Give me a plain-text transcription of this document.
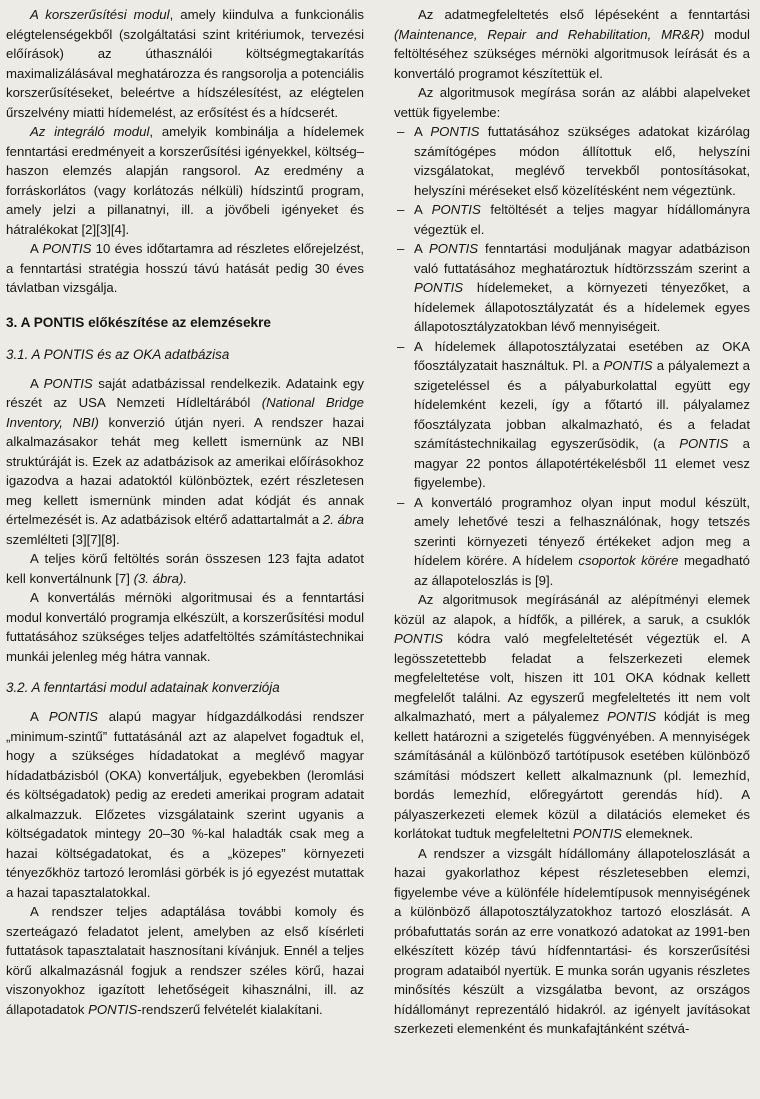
A korszerűsítési modul, amely kiindulva a funkcionális elégtelenségekből (szolgáltatási szint kritériumok, tervezési előírások) az úthasználói költségmegtakarítás maximalizálásával meghatározza és rangsorolja a potenciális korszerűsítéseket, beleértve a hídszélesítést, az elégtelen űrszelvény miatti hídemelést, az erősítést és a hídcserét.

Az integráló modul, amelyik kombinálja a hídelemek fenntartási eredményeit a korszerűsítési igényekkel, költség–haszon elemzés alapján rangsorol. Az eredmény a forráskorlátos (vagy korlátozás nélküli) hídszintű program, amely jelzi a pillanatnyi, ill. a jövőbeli igényeket és hátralékokat [2][3][4].

A PONTIS 10 éves időtartamra ad részletes előrejelzést, a fenntartási stratégia hosszú távú hatását pedig 30 éves távlatban vizsgálja.

3. A PONTIS előkészítése az elemzésekre
3.1. A PONTIS és az OKA adatbázisa

A PONTIS saját adatbázissal rendelkezik. Adataink egy részét az USA Nemzeti Hídleltárából (National Bridge Inventory, NBI) konverzió útján nyeri. A rendszer hazai alkalmazásakor tehát meg kellett ismernünk az NBI struktúráját is. Ezek az adatbázisok az amerikai előírásokhoz igazodva a hazai adatoktól különböztek, ezért részletesen meg kellett ismernünk minden adat kódját és annak értelmezését is. Az adatbázisok eltérő adattartalmát a 2. ábra szemlélteti [3][7][8].

A teljes körű feltöltés során összesen 123 fajta adatot kell konvertálnunk [7] (3. ábra).

A konvertálás mérnöki algoritmusai és a fenntartási modul konvertáló programja elkészült, a korszerűsítési modul futtatásához szükséges teljes adatfeltöltés számítástechnikai munkái jelenleg még hátra vannak.

3.2. A fenntartási modul adatainak konverziója

A PONTIS alapú magyar hídgazdálkodási rendszer „minimum-szintű” futtatásánál azt az alapelvet fogadtuk el, hogy a szükséges hídadatokat a meglévő magyar hídadatbázisból (OKA) konvertáljuk, egyebekben (leromlási és költségadatok) pedig az eredeti amerikai program adatait alkalmazzuk. Előzetes vizsgálataink szerint ugyanis a költségadatok mintegy 20–30 %-kal haladták csak meg a hazai költségadatokat, és a „közepes” környezeti tényezőkhöz tartozó leromlási görbék is jó egyezést mutattak a hazai tapasztalatokkal.

A rendszer teljes adaptálása további komoly és szerteágazó feladatot jelent, amelyben az első kísérleti futtatások tapasztalatait hasznosítani kívánjuk. Ennél a teljes körű alkalmazásnál fogjuk a rendszer széles körű, hazai viszonyokhoz igazított lehetőségeit kihasználni, ill. az állapotadatok PONTIS-rendszerű felvételét kialakítani.

Az adatmegfeleltetés első lépéseként a fenntartási (Maintenance, Repair and Rehabilitation, MR&R) modul feltöltéséhez szükséges mérnöki algoritmusok leírását és a konvertáló programot készítettük el.

Az algoritmusok megírása során az alábbi alapelveket vettük figyelembe:

– A PONTIS futtatásához szükséges adatokat kizárólag számítógépes módon állítottuk elő, helyszíni vizsgálatokat, meglévő tervekből pontosításokat, helyszíni méréseket első közelítésként nem végeztünk.
– A PONTIS feltöltését a teljes magyar hídállományra végeztük el.
– A PONTIS fenntartási moduljának magyar adatbázison való futtatásához meghatároztuk hídtörzsszám szerint a PONTIS hídelemeket, a környezeti tényezőket, a hídelemek állapotosztályzatát és a hídelemek egyes állapotosztályzatokban lévő mennyiségeit.
– A hídelemek állapotosztályzatai esetében az OKA főosztályzatait használtuk. Pl. a PONTIS a pályalemezt a szigeteléssel és a pályaburkolattal együtt egy hídelemként kezeli, így a főtartó ill. pályalamez főosztályzata jobban alkalmazható, és a feladat számítástechnikailag egyszerűsödik, (a PONTIS a magyar 22 pontos állapotértékelésből 11 elemet vesz figyelembe).
– A konvertáló programhoz olyan input modul készült, amely lehetővé teszi a felhasználónak, hogy tetszés szerinti környezeti tényező értékeket adjon meg a hídelem körére. A hídelem csoportok körére megadható az állapoteloszlás is [9].

Az algoritmusok megírásánál az alépítményi elemek közül az alapok, a hídfők, a pillérek, a saruk, a csuklók PONTIS kódra való megfeleltetését végeztük el. A legösszetettebb feladat a felszerkezeti elemek megfeleltetése volt, hiszen itt 101 OKA kódnak kellett megfelelőt találni. Az egyszerű megfeleltetés itt nem volt alkalmazható, mert a pályalemez PONTIS kódját is meg kellett határozni a szigetelés függvényében. A mennyiségek számításánál a különböző tartótípusok esetében különböző számítási módszert kellett alkalmaznunk (pl. lemezhíd, bordás lemezhíd, előregyártott gerendás híd). A pályaszerkezeti elemek közül a dilatációs elemeket és korlátokat tudtuk megfeleltetni PONTIS elemeknek.

A rendszer a vizsgált hídállomány állapoteloszlását a hazai gyakorlathoz képest részletesebben elemzi, figyelembe véve a különféle hídelemtípusok mennyiségének a különböző állapotosztályzatokhoz tartozó eloszlását. A próbafuttatás során az erre vonatkozó adatokat az 1991-ben elkészített közép távú hídfenntartási- és korszerűsítési program adataiból nyertük. E munka során ugyanis részletes minősítés készült a vizsgálatba bevont, az országos hídállományt reprezentáló hidakról. az igényelt javításokat szerkezeti elemenként és munkafajtánként szétvá-
